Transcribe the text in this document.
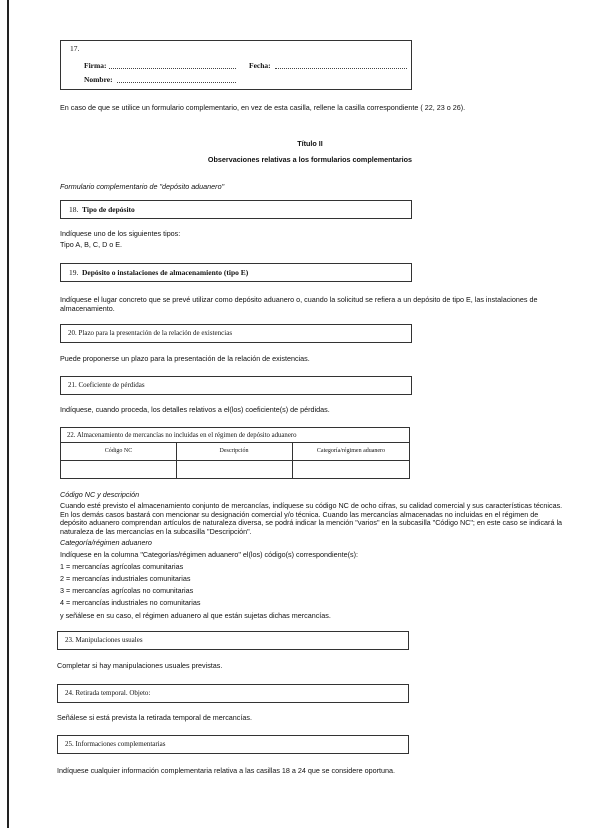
17.
Firma:	Fecha:
Nombre:
En caso de que se utilice un formulario complementario, en vez de esta casilla, rellene la casilla correspondiente ( 22, 23 o 26).
Título II
Observaciones relativas a los formularios complementarios
Formulario complementario de "depósito aduanero"
18. Tipo de depósito
Indíquese uno de los siguientes tipos:
Tipo A, B, C, D o E.
19. Depósito o instalaciones de almacenamiento (tipo E)
Indíquese el lugar concreto que se prevé utilizar como depósito aduanero o, cuando la solicitud se refiera a un depósito de tipo E, las instalaciones de almacenamiento.
20. Plazo para la presentación de la relación de existencias
Puede proponerse un plazo para la presentación de la relación de existencias.
21. Coeficiente de pérdidas
Indíquese, cuando proceda, los detalles relativos a el(los) coeficiente(s) de pérdidas.
22. Almacenamiento de mercancías no incluidas en el régimen de depósito aduanero
Código NC	Descripción	Categoría/régimen aduanero
Código NC y descripción
Cuando esté previsto el almacenamiento conjunto de mercancías, indíquese su código NC de ocho cifras, su calidad comercial y sus características técnicas. En los demás casos bastará con mencionar su designación comercial y/o técnica. Cuando las mercancías almacenadas no incluidas en el régimen de depósito aduanero comprendan artículos de naturaleza diversa, se podrá indicar la mención "varios" en la subcasilla "Código NC"; en este caso se indicará la naturaleza de las mercancías en la subcasilla "Descripción".
Categoría/régimen aduanero
Indíquese en la columna "Categorías/régimen aduanero" el(los) código(s) correspondiente(s):
1 = mercancías agrícolas comunitarias
2 = mercancías industriales comunitarias
3 = mercancías agrícolas no comunitarias
4 = mercancías industriales no comunitarias
y señálese en su caso, el régimen aduanero al que están sujetas dichas mercancías.
23. Manipulaciones usuales
Completar si hay manipulaciones usuales previstas.
24. Retirada temporal. Objeto:
Señálese si está prevista la retirada temporal de mercancías.
25. Informaciones complementarias
Indíquese cualquier información complementaria relativa a las casillas 18 a 24 que se considere oportuna.
